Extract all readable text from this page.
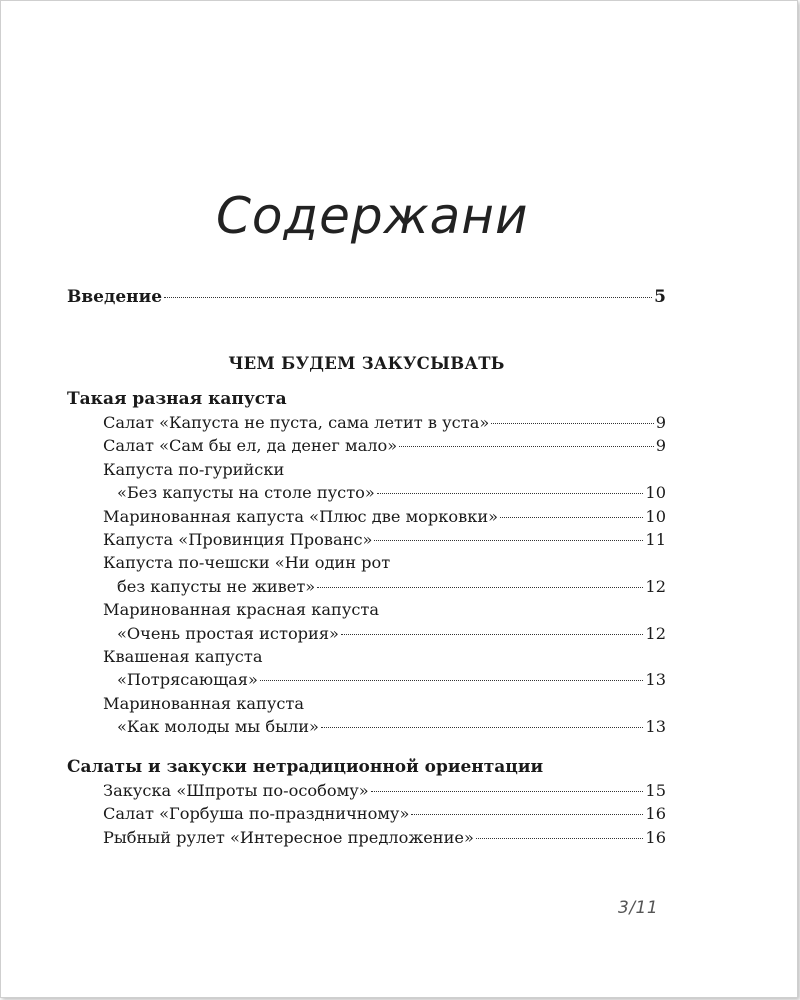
Содержание
Введение	5
ЧЕМ БУДЕМ ЗАКУСЫВАТЬ
Такая разная капуста
Салат «Капуста не пуста, сама летит в уста»	9
Салат «Сам бы ел, да денег мало»	9
Капуста по-гурийски
«Без капусты на столе пусто»	10
Маринованная капуста «Плюс две морковки»	10
Капуста «Провинция Прованс»	11
Капуста по-чешски «Ни один рот
без капусты не живет»	12
Маринованная красная капуста
«Очень простая история»	12
Квашеная капуста
«Потрясающая»	13
Маринованная капуста
«Как молоды мы были»	13
Салаты и закуски нетрадиционной ориентации
Закуска «Шпроты по-особому»	15
Салат «Горбуша по-праздничному»	16
Рыбный рулет «Интересное предложение»	16
3/11
